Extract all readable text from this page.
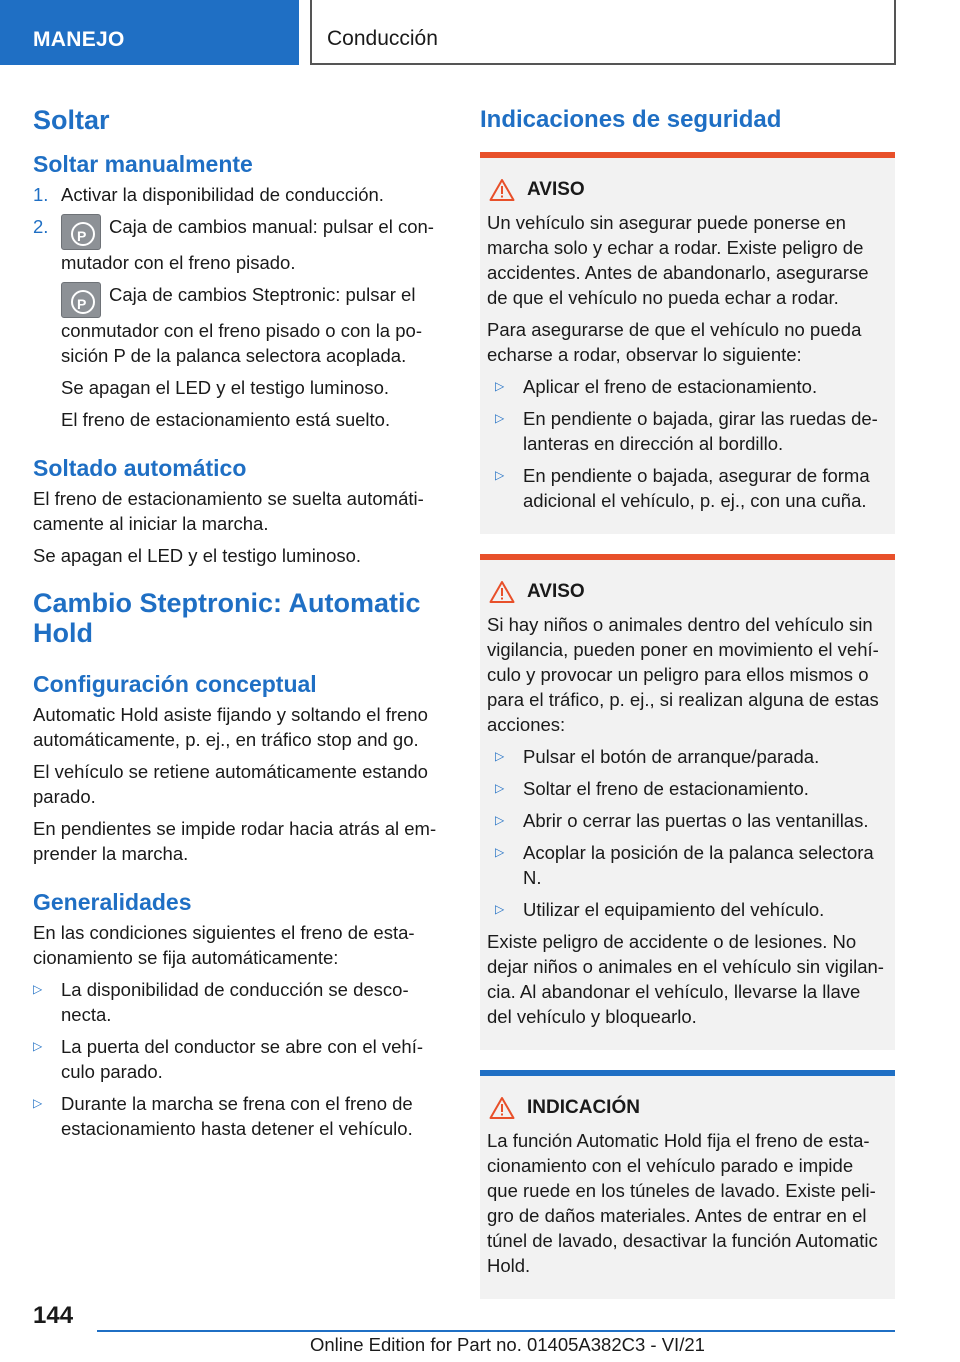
MANEJO	Conducción
Soltar
Soltar manualmente
1. Activar la disponibilidad de conducción.
2.
P	Caja de cambios manual: pulsar el con‐ mutador con el freno pisado.
PCaja de cambios Steptronic: pulsar el conmutador con el freno pisado o con la po‐ sición P de la palanca selectora acoplada.
Se apagan el LED y el testigo luminoso.
El freno de estacionamiento está suelto.
Soltado automático

El freno de estacionamiento se suelta automáti‐ camente al iniciar la marcha.

Se apagan el LED y el testigo luminoso.

Cambio Steptronic: Automatic Hold
Configuración conceptual

Automatic Hold asiste fijando y soltando el freno automáticamente, p. ej., en tráfico stop and go.

El vehículo se retiene automáticamente estando parado.

En pendientes se impide rodar hacia atrás al em‐ prender la marcha.

Generalidades

En las condiciones siguientes el freno de esta‐ cionamiento se fija automáticamente:

▷	La disponibilidad de conducción se desco‐ necta.
▷	La puerta del conductor se abre con el vehí‐ culo parado.
▷	Durante la marcha se frena con el freno de estacionamiento hasta detener el vehículo.
Indicaciones de seguridad
AVISO

Un vehículo sin asegurar puede ponerse en marcha solo y echar a rodar. Existe peligro de accidentes. Antes de abandonarlo, asegurarse de que el vehículo no pueda echar a rodar.

Para asegurarse de que el vehículo no pueda echarse a rodar, observar lo siguiente:

▷	Aplicar el freno de estacionamiento.
▷	En pendiente o bajada, girar las ruedas de‐ lanteras en dirección al bordillo.
▷	En pendiente o bajada, asegurar de forma adicional el vehículo, p. ej., con una cuña.
AVISO

Si hay niños o animales dentro del vehículo sin vigilancia, pueden poner en movimiento el vehí‐ culo y provocar un peligro para ellos mismos o para el tráfico, p. ej., si realizan alguna de estas acciones:

▷	Pulsar el botón de arranque/parada.
▷	Soltar el freno de estacionamiento.
▷	Abrir o cerrar las puertas o las ventanillas.
▷	Acoplar la posición de la palanca selectora N.
▷	Utilizar el equipamiento del vehículo.

Existe peligro de accidente o de lesiones. No dejar niños o animales en el vehículo sin vigilan‐ cia. Al abandonar el vehículo, llevarse la llave del vehículo y bloquearlo.

INDICACIÓN

La función Automatic Hold fija el freno de esta‐ cionamiento con el vehículo parado e impide que ruede en los túneles de lavado. Existe peli‐ gro de daños materiales. Antes de entrar en el túnel de lavado, desactivar la función Automatic Hold.

144
Online Edition for Part no. 01405A382C3 - VI/21
